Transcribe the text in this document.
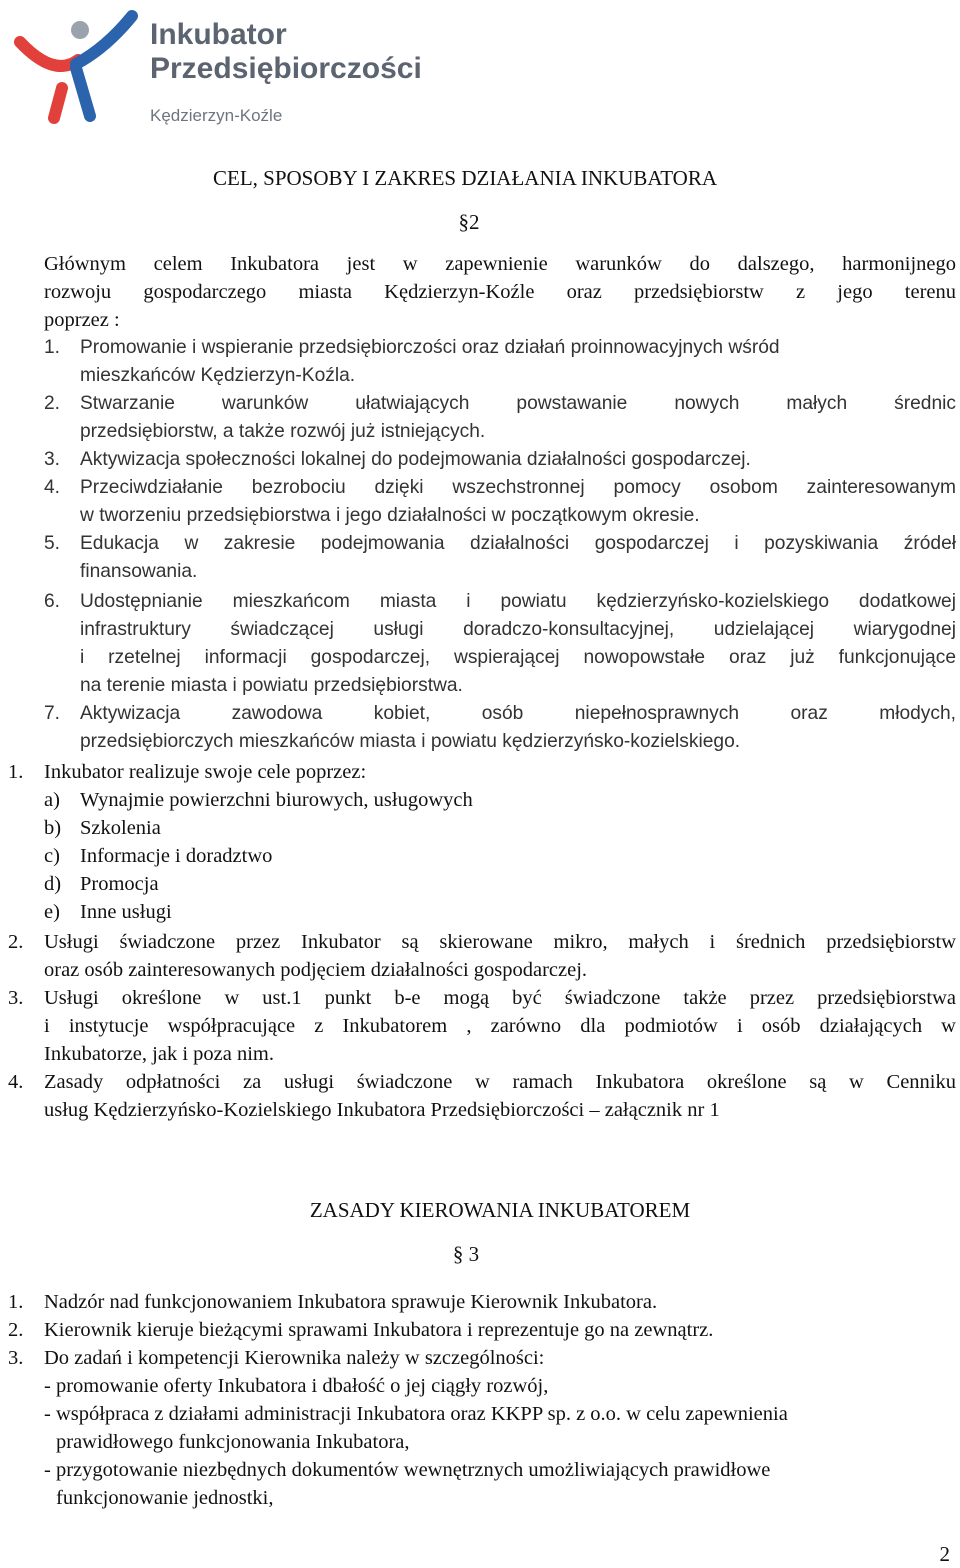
Inkubator
Przedsiębiorczości
Kędzierzyn-Koźle
CEL, SPOSOBY I ZAKRES DZIAŁANIA INKUBATORA
§2
Głównym celem Inkubatora jest w zapewnienie warunków do dalszego, harmonijnego
rozwoju gospodarczego miasta Kędzierzyn-Koźle oraz przedsiębiorstw z jego terenu
poprzez :
1. Promowanie i wspieranie przedsiębiorczości oraz działań proinnowacyjnych wśród
mieszkańców Kędzierzyn-Koźla.
2. Stwarzanie warunków ułatwiających powstawanie nowych małych średnic
przedsiębiorstw, a także rozwój już istniejących.
3. Aktywizacja społeczności lokalnej do podejmowania działalności gospodarczej.
4. Przeciwdziałanie bezrobociu dzięki wszechstronnej pomocy osobom zainteresowanym
w tworzeniu przedsiębiorstwa i jego działalności w początkowym okresie.
5. Edukacja w zakresie podejmowania działalności gospodarczej i pozyskiwania źródeł
finansowania.
6. Udostępnianie mieszkańcom miasta i powiatu kędzierzyńsko-kozielskiego dodatkowej
infrastruktury świadczącej usługi doradczo-konsultacyjnej, udzielającej wiarygodnej
i rzetelnej informacji gospodarczej, wspierającej nowopowstałe oraz już funkcjonujące
na terenie miasta i powiatu przedsiębiorstwa.
7. Aktywizacja zawodowa kobiet, osób niepełnosprawnych oraz młodych,
przedsiębiorczych mieszkańców miasta i powiatu kędzierzyńsko-kozielskiego.
1. Inkubator realizuje swoje cele poprzez:
a) Wynajmie powierzchni biurowych, usługowych
b) Szkolenia
c) Informacje i doradztwo
d) Promocja
e) Inne usługi
2. Usługi świadczone przez Inkubator są skierowane mikro, małych i średnich przedsiębiorstw
oraz osób zainteresowanych podjęciem działalności gospodarczej.
3. Usługi określone w ust.1 punkt b-e mogą być świadczone także przez przedsiębiorstwa
i instytucje współpracujące z Inkubatorem , zarówno dla podmiotów i osób działających w
Inkubatorze, jak i poza nim.
4. Zasady odpłatności za usługi świadczone w ramach Inkubatora określone są w Cenniku
usług Kędzierzyńsko-Kozielskiego Inkubatora Przedsiębiorczości – załącznik nr 1
ZASADY KIEROWANIA INKUBATOREM
§ 3
1. Nadzór nad funkcjonowaniem Inkubatora sprawuje Kierownik Inkubatora.
2. Kierownik kieruje bieżącymi sprawami Inkubatora i reprezentuje go na zewnątrz.
3. Do zadań i kompetencji Kierownika należy w szczególności:
- promowanie oferty Inkubatora i dbałość o jej ciągły rozwój,
- współpraca z działami administracji Inkubatora oraz KKPP sp. z o.o. w celu zapewnienia
prawidłowego funkcjonowania Inkubatora,
- przygotowanie niezbędnych dokumentów wewnętrznych umożliwiających prawidłowe
funkcjonowanie jednostki,
2
